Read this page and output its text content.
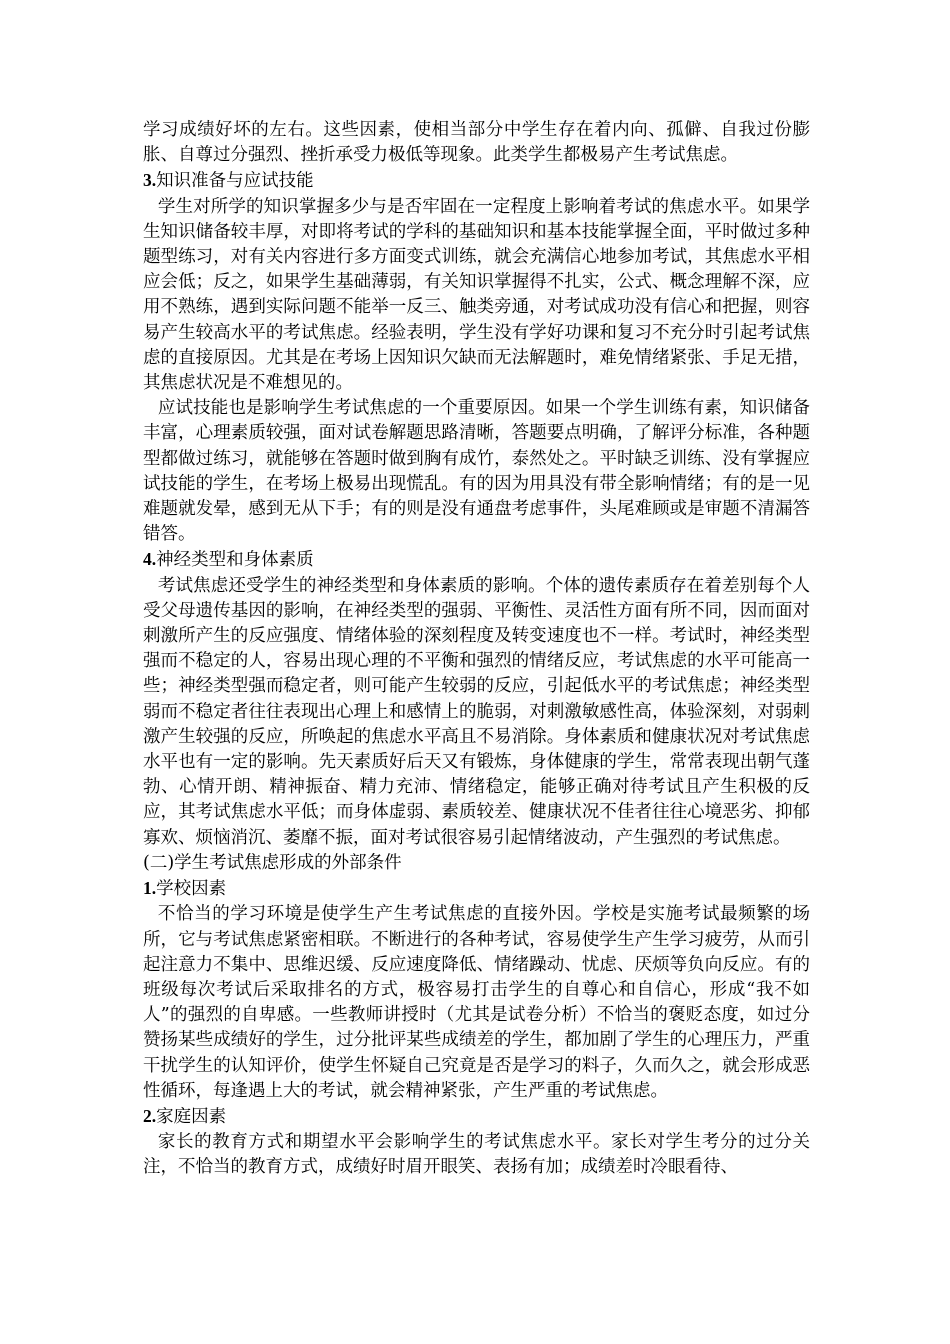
学习成绩好坏的左右。这些因素，使相当部分中学生存在着内向、孤僻、自我过份膨胀、自尊过分强烈、挫折承受力极低等现象。此类学生都极易产生考试焦虑。

3.知识准备与应试技能

学生对所学的知识掌握多少与是否牢固在一定程度上影响着考试的焦虑水平。如果学生知识储备较丰厚，对即将考试的学科的基础知识和基本技能掌握全面，平时做过多种题型练习，对有关内容进行多方面变式训练，就会充满信心地参加考试，其焦虑水平相应会低；反之，如果学生基础薄弱，有关知识掌握得不扎实，公式、概念理解不深，应用不熟练，遇到实际问题不能举一反三、触类旁通，对考试成功没有信心和把握，则容易产生较高水平的考试焦虑。经验表明，学生没有学好功课和复习不充分时引起考试焦虑的直接原因。尤其是在考场上因知识欠缺而无法解题时，难免情绪紧张、手足无措，其焦虑状况是不难想见的。

应试技能也是影响学生考试焦虑的一个重要原因。如果一个学生训练有素，知识储备丰富，心理素质较强，面对试卷解题思路清晰，答题要点明确，了解评分标准，各种题型都做过练习，就能够在答题时做到胸有成竹，泰然处之。平时缺乏训练、没有掌握应试技能的学生，在考场上极易出现慌乱。有的因为用具没有带全影响情绪；有的是一见难题就发晕，感到无从下手；有的则是没有通盘考虑事件，头尾难顾或是审题不清漏答错答。

4.神经类型和身体素质

考试焦虑还受学生的神经类型和身体素质的影响。个体的遗传素质存在着差别每个人受父母遗传基因的影响，在神经类型的强弱、平衡性、灵活性方面有所不同，因而面对刺激所产生的反应强度、情绪体验的深刻程度及转变速度也不一样。考试时，神经类型强而不稳定的人，容易出现心理的不平衡和强烈的情绪反应，考试焦虑的水平可能高一些；神经类型强而稳定者，则可能产生较弱的反应，引起低水平的考试焦虑；神经类型弱而不稳定者往往表现出心理上和感情上的脆弱，对刺激敏感性高，体验深刻，对弱刺激产生较强的反应，所唤起的焦虑水平高且不易消除。身体素质和健康状况对考试焦虑水平也有一定的影响。先天素质好后天又有锻炼，身体健康的学生，常常表现出朝气蓬勃、心情开朗、精神振奋、精力充沛、情绪稳定，能够正确对待考试且产生积极的反应，其考试焦虑水平低；而身体虚弱、素质较差、健康状况不佳者往往心境恶劣、抑郁寡欢、烦恼消沉、萎靡不振，面对考试很容易引起情绪波动，产生强烈的考试焦虑。

(二)学生考试焦虑形成的外部条件

1.学校因素

不恰当的学习环境是使学生产生考试焦虑的直接外因。学校是实施考试最频繁的场所，它与考试焦虑紧密相联。不断进行的各种考试，容易使学生产生学习疲劳，从而引起注意力不集中、思维迟缓、反应速度降低、情绪躁动、忧虑、厌烦等负向反应。有的班级每次考试后采取排名的方式，极容易打击学生的自尊心和自信心，形成“我不如人”的强烈的自卑感。一些教师讲授时（尤其是试卷分析）不恰当的褒贬态度，如过分赞扬某些成绩好的学生，过分批评某些成绩差的学生，都加剧了学生的心理压力，严重干扰学生的认知评价，使学生怀疑自己究竟是否是学习的料子，久而久之，就会形成恶性循环，每逢遇上大的考试，就会精神紧张，产生严重的考试焦虑。

2.家庭因素

家长的教育方式和期望水平会影响学生的考试焦虑水平。家长对学生考分的过分关注，不恰当的教育方式，成绩好时眉开眼笑、表扬有加；成绩差时冷眼看待、
